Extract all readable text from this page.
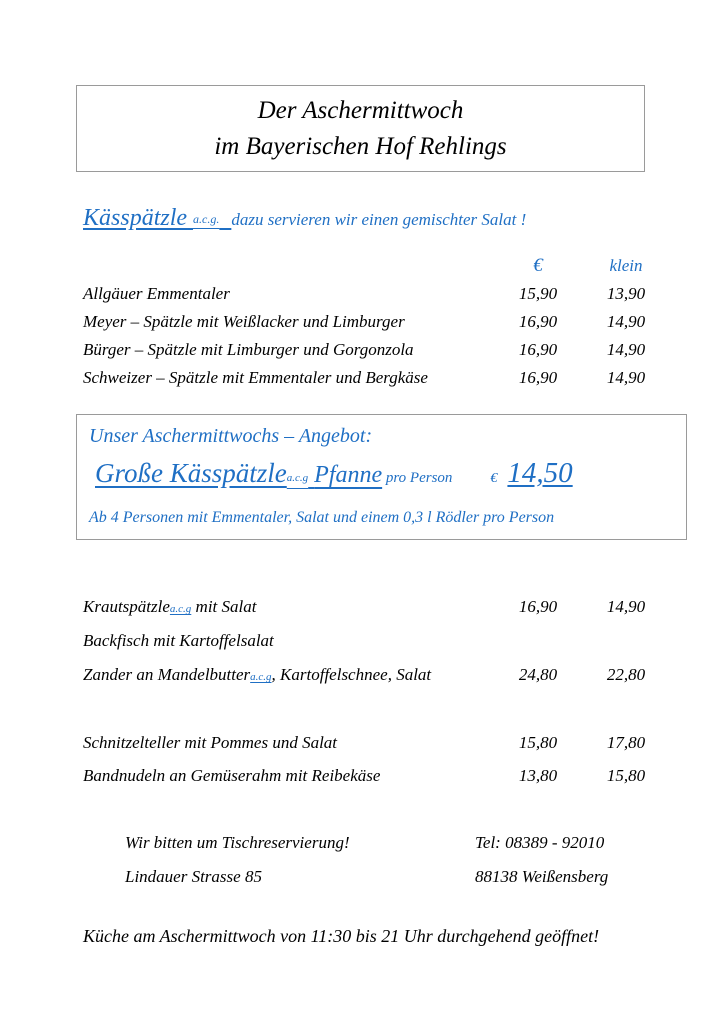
Der Aschermittwoch
im Bayerischen Hof Rehlings
Kässpätzle a.c.g. dazu servieren wir einen gemischter Salat !
€	klein
Allgäuer Emmentaler	15,90	13,90
Meyer – Spätzle mit Weißlacker und Limburger	16,90	14,90
Bürger – Spätzle mit Limburger und Gorgonzola	16,90	14,90
Schweizer – Spätzle mit Emmentaler und Bergkäse	16,90	14,90
Unser Aschermittwochs – Angebot:
Große Kässpätzlea.c.g Pfanne pro Person	€ 14,50
Ab 4 Personen mit Emmentaler, Salat und einem 0,3 l Rödler pro Person
Krautspätzlea.c.g mit Salat	16,90	14,90
Backfisch mit Kartoffelsalat
Zander an Mandelbuttera.c.g, Kartoffelschnee, Salat	24,80	22,80
Schnitzelteller mit Pommes und Salat	15,80	17,80
Bandnudeln an Gemüserahm mit Reibekäse	13,80	15,80
Wir bitten um Tischreservierung!	Tel: 08389 - 92010
Lindauer Strasse 85	88138 Weißensberg
Küche am Aschermittwoch von 11:30 bis 21 Uhr durchgehend geöffnet!
